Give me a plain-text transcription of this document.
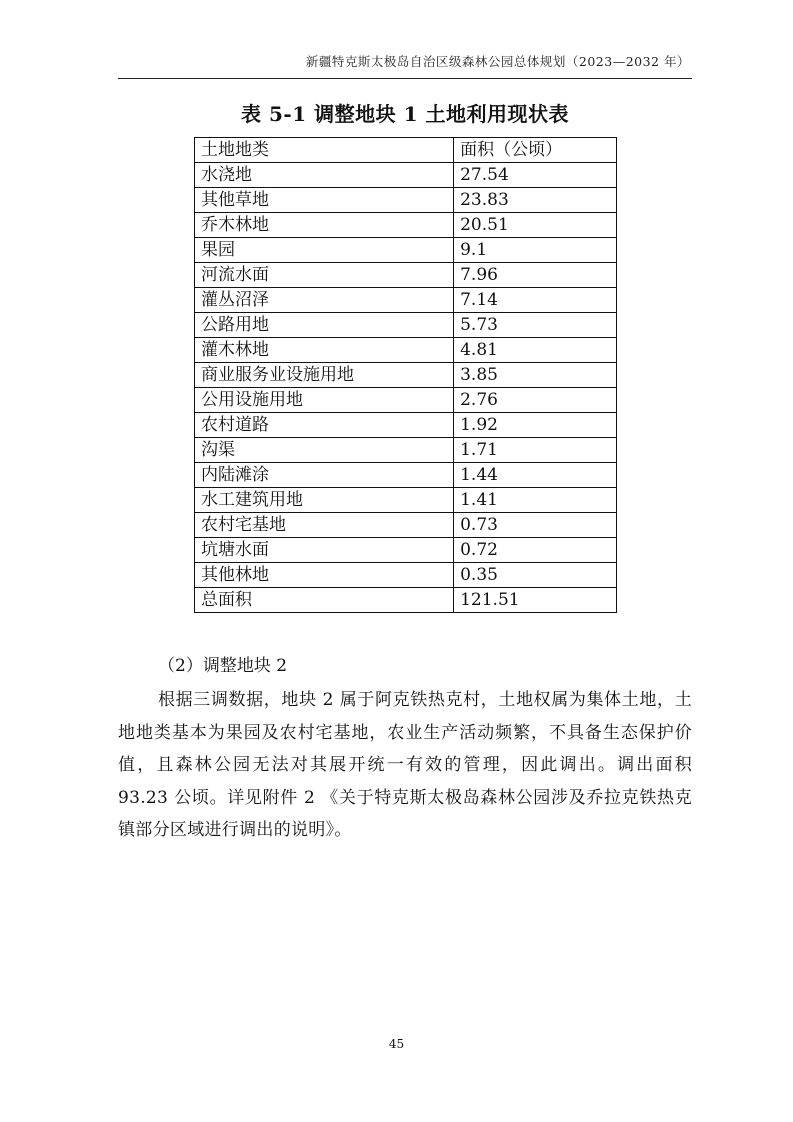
新疆特克斯太极岛自治区级森林公园总体规划（2023—2032 年）
表 5-1 调整地块 1 土地利用现状表
土地地类	面积（公顷）
水浇地	27.54
其他草地	23.83
乔木林地	20.51
果园	9.1
河流水面	7.96
灌丛沼泽	7.14
公路用地	5.73
灌木林地	4.81
商业服务业设施用地	3.85
公用设施用地	2.76
农村道路	1.92
沟渠	1.71
内陆滩涂	1.44
水工建筑用地	1.41
农村宅基地	0.73
坑塘水面	0.72
其他林地	0.35
总面积	121.51
（2）调整地块 2

根据三调数据，地块 2 属于阿克铁热克村，土地权属为集体土地，土地地类基本为果园及农村宅基地，农业生产活动频繁，不具备生态保护价值，且森林公园无法对其展开统一有效的管理，因此调出。调出面积 93.23 公顷。详见附件 2 《关于特克斯太极岛森林公园涉及乔拉克铁热克镇部分区域进行调出的说明》。

45
